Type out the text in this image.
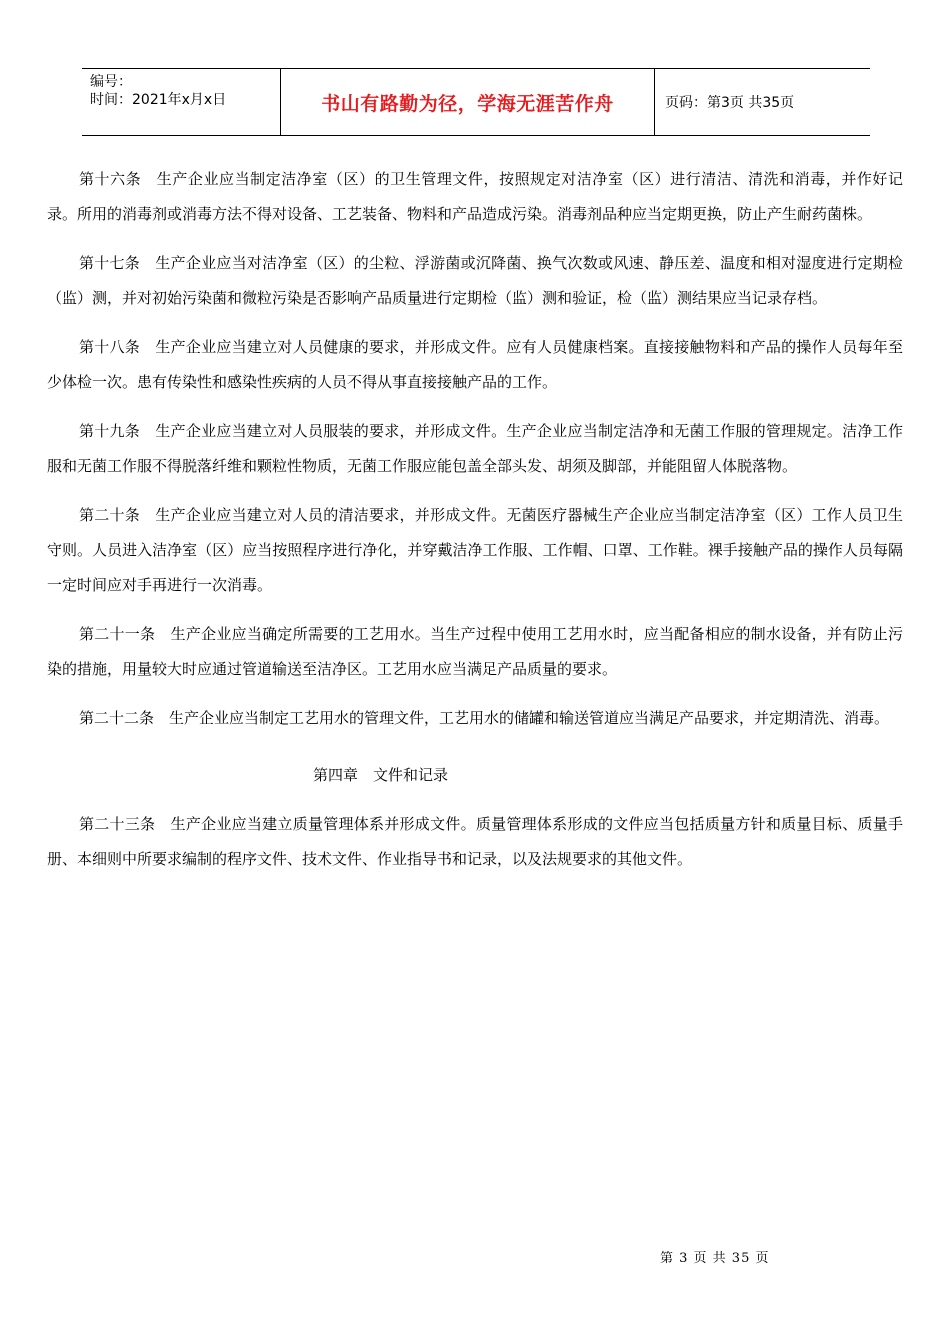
编号：
时间：2021年x月x日	书山有路勤为径，学海无涯苦作舟	页码：第3页 共35页

第十六条　生产企业应当制定洁净室（区）的卫生管理文件，按照规定对洁净室（区）进行清洁、清洗和消毒，并作好记录。所用的消毒剂或消毒方法不得对设备、工艺装备、物料和产品造成污染。消毒剂品种应当定期更换，防止产生耐药菌株。

第十七条　生产企业应当对洁净室（区）的尘粒、浮游菌或沉降菌、换气次数或风速、静压差、温度和相对湿度进行定期检（监）测，并对初始污染菌和微粒污染是否影响产品质量进行定期检（监）测和验证，检（监）测结果应当记录存档。

第十八条　生产企业应当建立对人员健康的要求，并形成文件。应有人员健康档案。直接接触物料和产品的操作人员每年至少体检一次。患有传染性和感染性疾病的人员不得从事直接接触产品的工作。

第十九条　生产企业应当建立对人员服装的要求，并形成文件。生产企业应当制定洁净和无菌工作服的管理规定。洁净工作服和无菌工作服不得脱落纤维和颗粒性物质，无菌工作服应能包盖全部头发、胡须及脚部，并能阻留人体脱落物。

第二十条　生产企业应当建立对人员的清洁要求，并形成文件。无菌医疗器械生产企业应当制定洁净室（区）工作人员卫生守则。人员进入洁净室（区）应当按照程序进行净化，并穿戴洁净工作服、工作帽、口罩、工作鞋。裸手接触产品的操作人员每隔一定时间应对手再进行一次消毒。

第二十一条　生产企业应当确定所需要的工艺用水。当生产过程中使用工艺用水时，应当配备相应的制水设备，并有防止污染的措施，用量较大时应通过管道输送至洁净区。工艺用水应当满足产品质量的要求。

第二十二条　生产企业应当制定工艺用水的管理文件，工艺用水的储罐和输送管道应当满足产品要求，并定期清洗、消毒。

第四章　文件和记录

第二十三条　生产企业应当建立质量管理体系并形成文件。质量管理体系形成的文件应当包括质量方针和质量目标、质量手册、本细则中所要求编制的程序文件、技术文件、作业指导书和记录，以及法规要求的其他文件。

第 3 页 共 35 页
